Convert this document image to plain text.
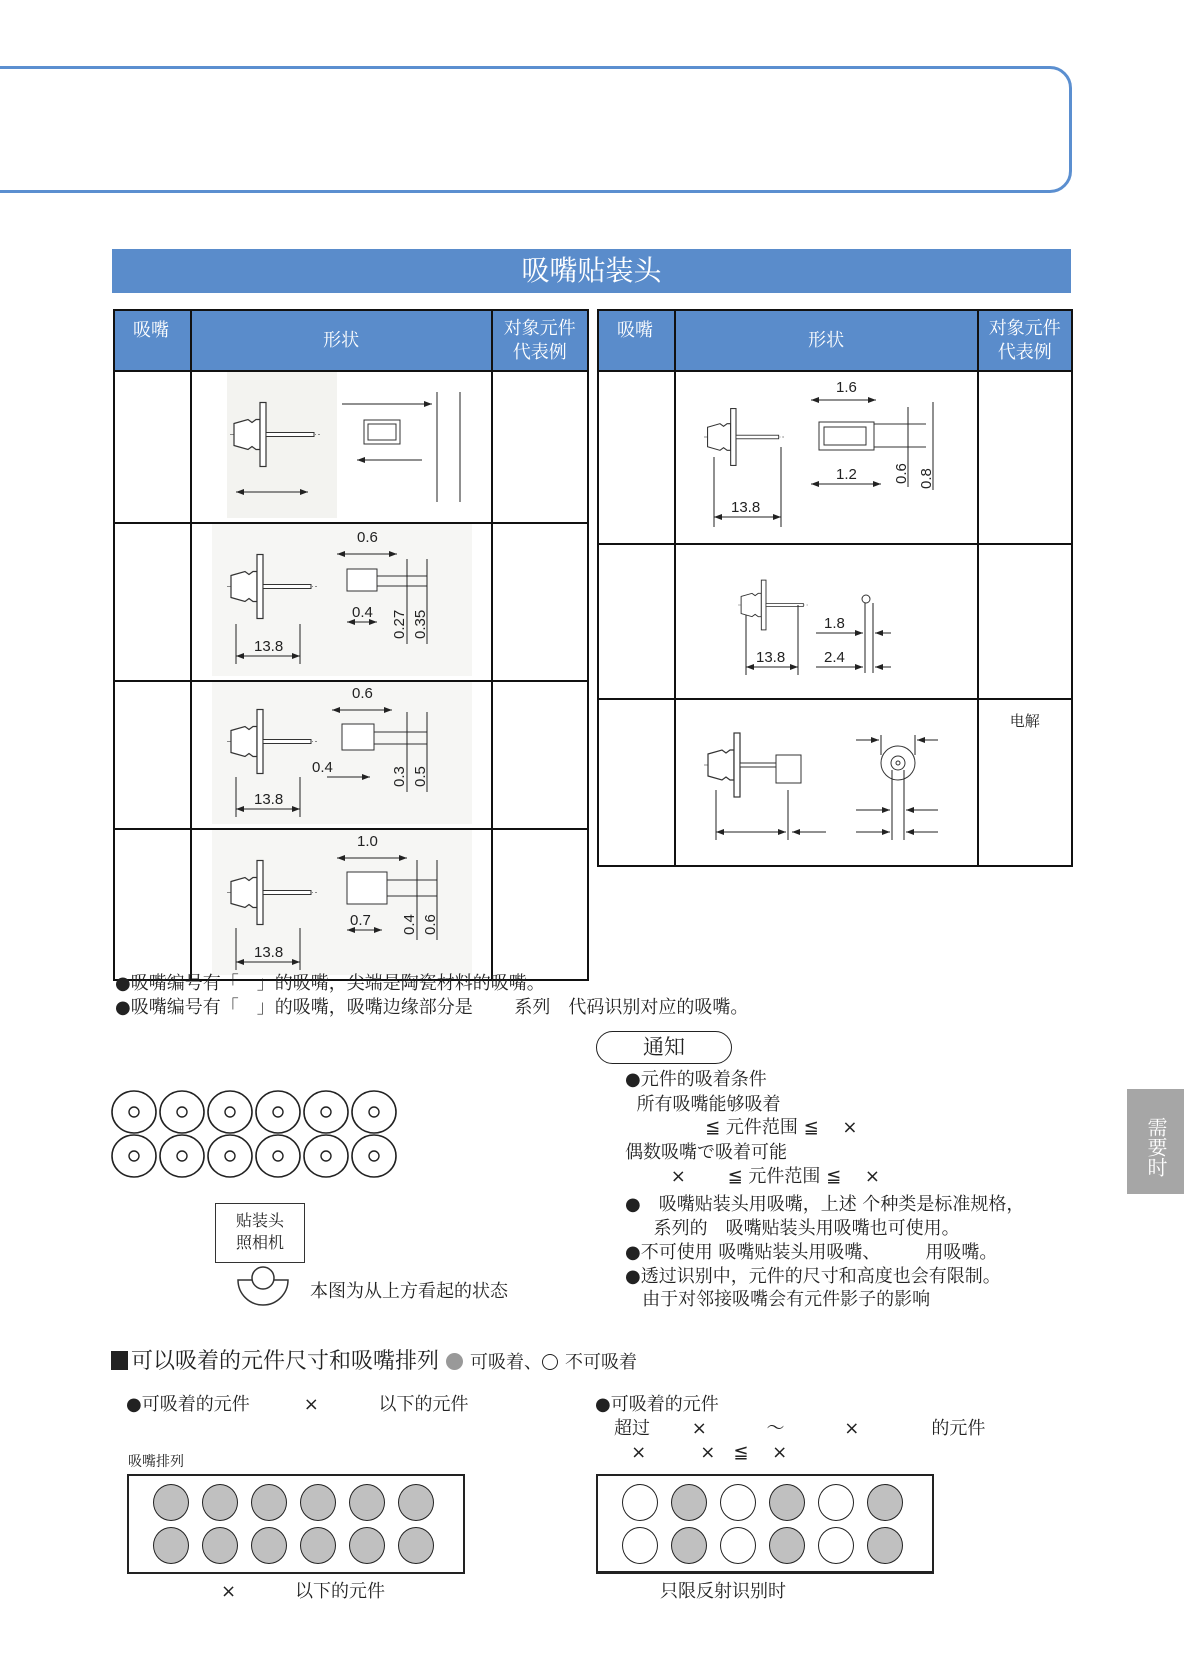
吸嘴贴装头
吸嘴	形状	对象元件
代表例

13.8
0.6
0.4 0.27 0.35	

13.8
0.6
0.4 0.3 0.5	

13.8
1.0
0.7 0.4 0.6	

吸嘴	形状	对象元件
代表例

13.8
1.6
1.2 0.6 0.8	

13.8
1.8
2.4	

		电解
●吸嘴编号有「　」的吸嘴，尖端是陶瓷材料的吸嘴。
●吸嘴编号有「　」的吸嘴，吸嘴边缘部分是　　 系列　代码识别对应的吸嘴。
通知
●元件的吸着条件
所有吸嘴能够吸着
≦ 元件范围 ≦　 ×
偶数吸嘴で吸着可能
×　　 ≦ 元件范围 ≦　 ×
●　吸嘴贴装头用吸嘴，上述 个种类是标准规格，
系列的　吸嘴贴装头用吸嘴也可使用。
●不可使用 吸嘴贴装头用吸嘴、　　　用吸嘴。
●透过识别中，元件的尺寸和高度也会有限制。
由于对邻接吸嘴会有元件影子的影响
贴装头
照相机
本图为从上方看起的状态
需要时
可以吸着的元件尺寸和吸嘴排列 可吸着、 不可吸着
●可吸着的元件　　　×　　　 以下的元件
吸嘴排列
×	以下的元件
●可吸着的元件
超过　　 ×　　　 ～　　　 ×　　　　的元件
×　　　×　≦　 ×
只限反射识别时
